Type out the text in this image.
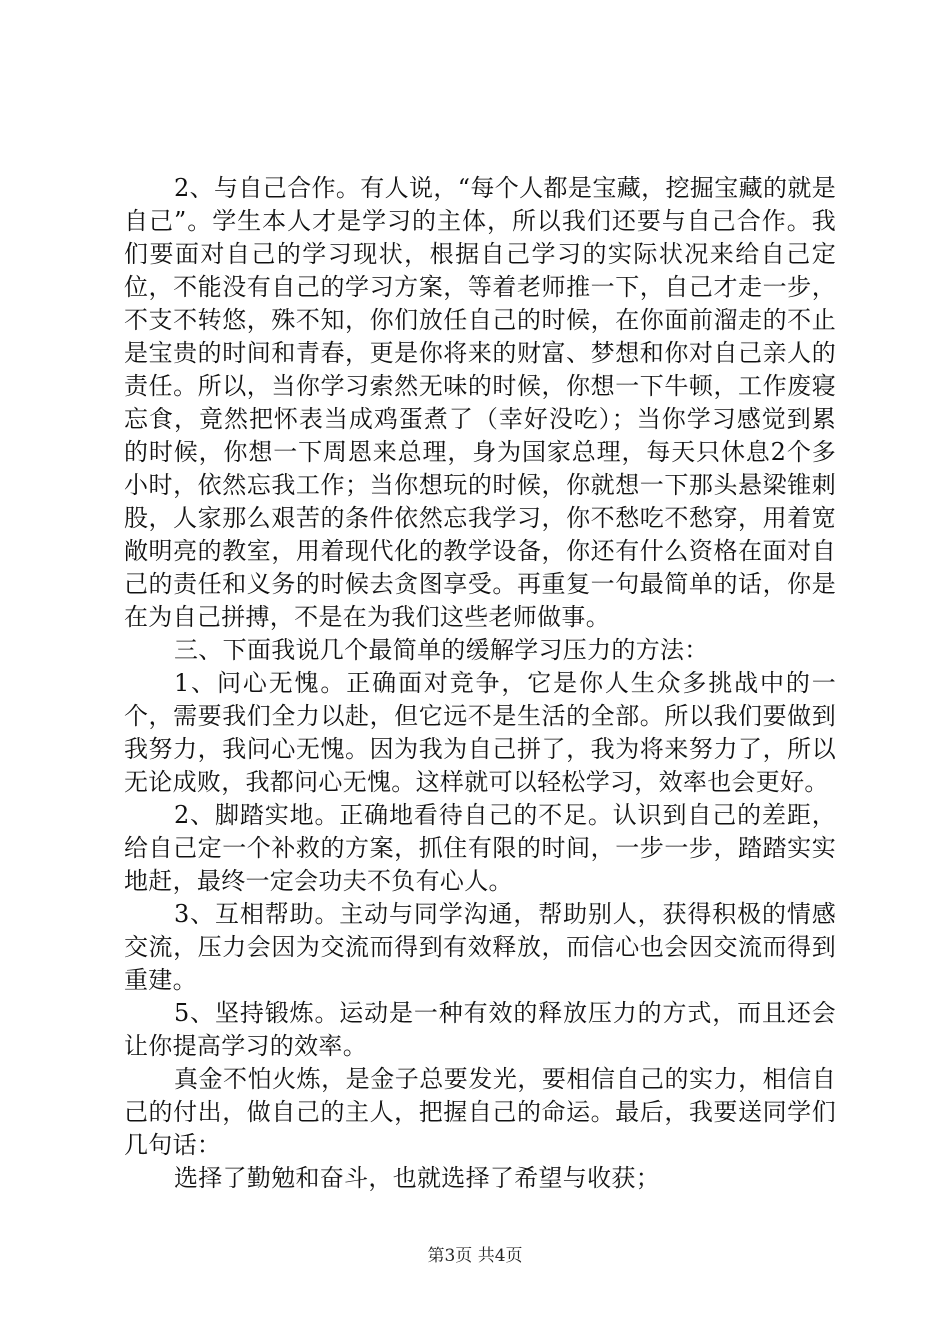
2、与自己合作。有人说，“每个人都是宝藏，挖掘宝藏的就是自己”。学生本人才是学习的主体，所以我们还要与自己合作。我们要面对自己的学习现状，根据自己学习的实际状况来给自己定位，不能没有自己的学习方案，等着老师推一下，自己才走一步，不支不转悠，殊不知，你们放任自己的时候，在你面前溜走的不止是宝贵的时间和青春，更是你将来的财富、梦想和你对自己亲人的责任。所以，当你学习索然无味的时候，你想一下牛顿，工作废寝忘食，竟然把怀表当成鸡蛋煮了（幸好没吃）；当你学习感觉到累的时候，你想一下周恩来总理，身为国家总理，每天只休息2个多小时，依然忘我工作；当你想玩的时候，你就想一下那头悬梁锥刺股，人家那么艰苦的条件依然忘我学习，你不愁吃不愁穿，用着宽敞明亮的教室，用着现代化的教学设备，你还有什么资格在面对自己的责任和义务的时候去贪图享受。再重复一句最简单的话，你是在为自己拼搏，不是在为我们这些老师做事。

三、下面我说几个最简单的缓解学习压力的方法：

1、问心无愧。正确面对竞争，它是你人生众多挑战中的一个，需要我们全力以赴，但它远不是生活的全部。所以我们要做到我努力，我问心无愧。因为我为自己拼了，我为将来努力了，所以无论成败，我都问心无愧。这样就可以轻松学习，效率也会更好。

2、脚踏实地。正确地看待自己的不足。认识到自己的差距，给自己定一个补救的方案，抓住有限的时间，一步一步，踏踏实实地赶，最终一定会功夫不负有心人。

3、互相帮助。主动与同学沟通，帮助别人，获得积极的情感交流，压力会因为交流而得到有效释放，而信心也会因交流而得到重建。

5、坚持锻炼。运动是一种有效的释放压力的方式，而且还会让你提高学习的效率。

真金不怕火炼，是金子总要发光，要相信自己的实力，相信自己的付出，做自己的主人，把握自己的命运。最后，我要送同学们几句话：

选择了勤勉和奋斗，也就选择了希望与收获；

第3页 共4页
